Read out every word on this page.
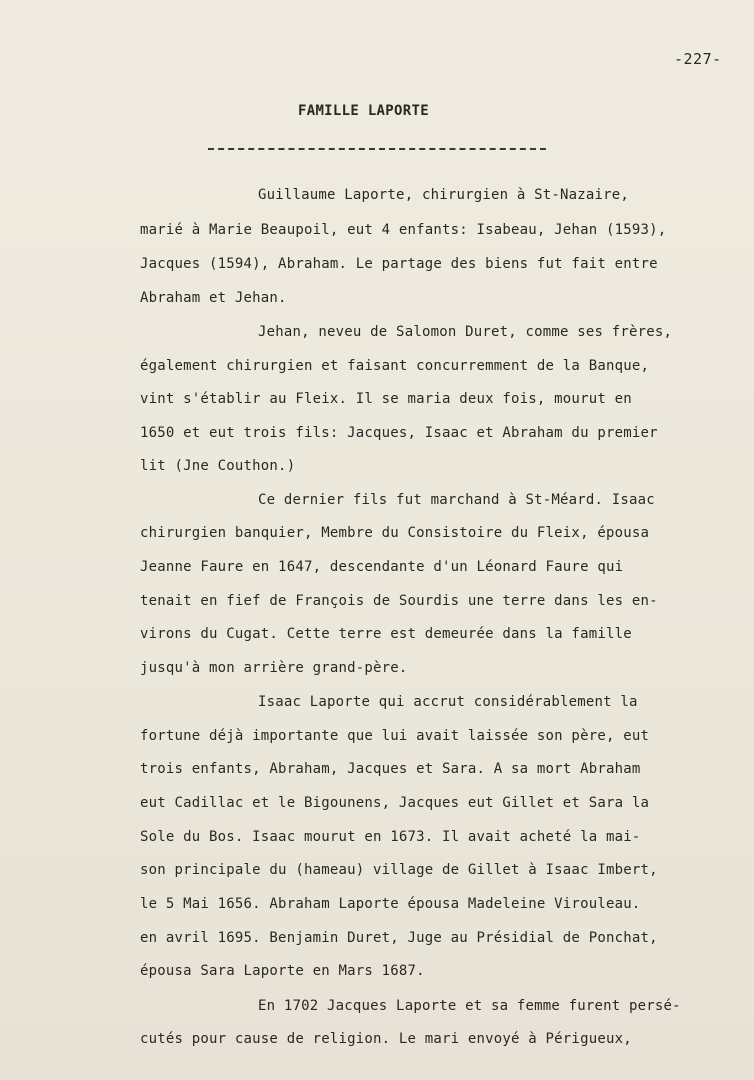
-227-
FAMILLE LAPORTE
Guillaume Laporte, chirurgien à St-Nazaire,
marié à Marie Beaupoil, eut 4 enfants: Isabeau, Jehan (1593),
Jacques (1594), Abraham. Le partage des biens fut fait entre
Abraham et Jehan.
Jehan, neveu de Salomon Duret, comme ses frères,
également chirurgien et faisant concurremment de la Banque,
vint s'établir au Fleix. Il se maria deux fois, mourut en
1650 et eut trois fils: Jacques, Isaac et Abraham du premier
lit (Jne Couthon.)
Ce dernier fils fut marchand à St-Méard. Isaac
chirurgien banquier, Membre du Consistoire du Fleix, épousa
Jeanne Faure en 1647, descendante d'un Léonard Faure qui
tenait en fief de François de Sourdis une terre dans les en-
virons du Cugat. Cette terre est demeurée dans la famille
jusqu'à mon arrière grand-père.
Isaac Laporte qui accrut considérablement la
fortune déjà importante que lui avait laissée son père, eut
trois enfants, Abraham, Jacques et Sara. A sa mort Abraham
eut Cadillac et le Bigounens, Jacques eut Gillet et Sara la
Sole du Bos. Isaac mourut en 1673. Il avait acheté la mai-
son principale du (hameau) village de Gillet à Isaac Imbert,
le 5 Mai 1656. Abraham Laporte épousa Madeleine Virouleau.
en avril 1695. Benjamin Duret, Juge au Présidial de Ponchat,
épousa Sara Laporte en Mars 1687.
En 1702 Jacques Laporte et sa femme furent persé-
cutés pour cause de religion. Le mari envoyé à Périgueux,
